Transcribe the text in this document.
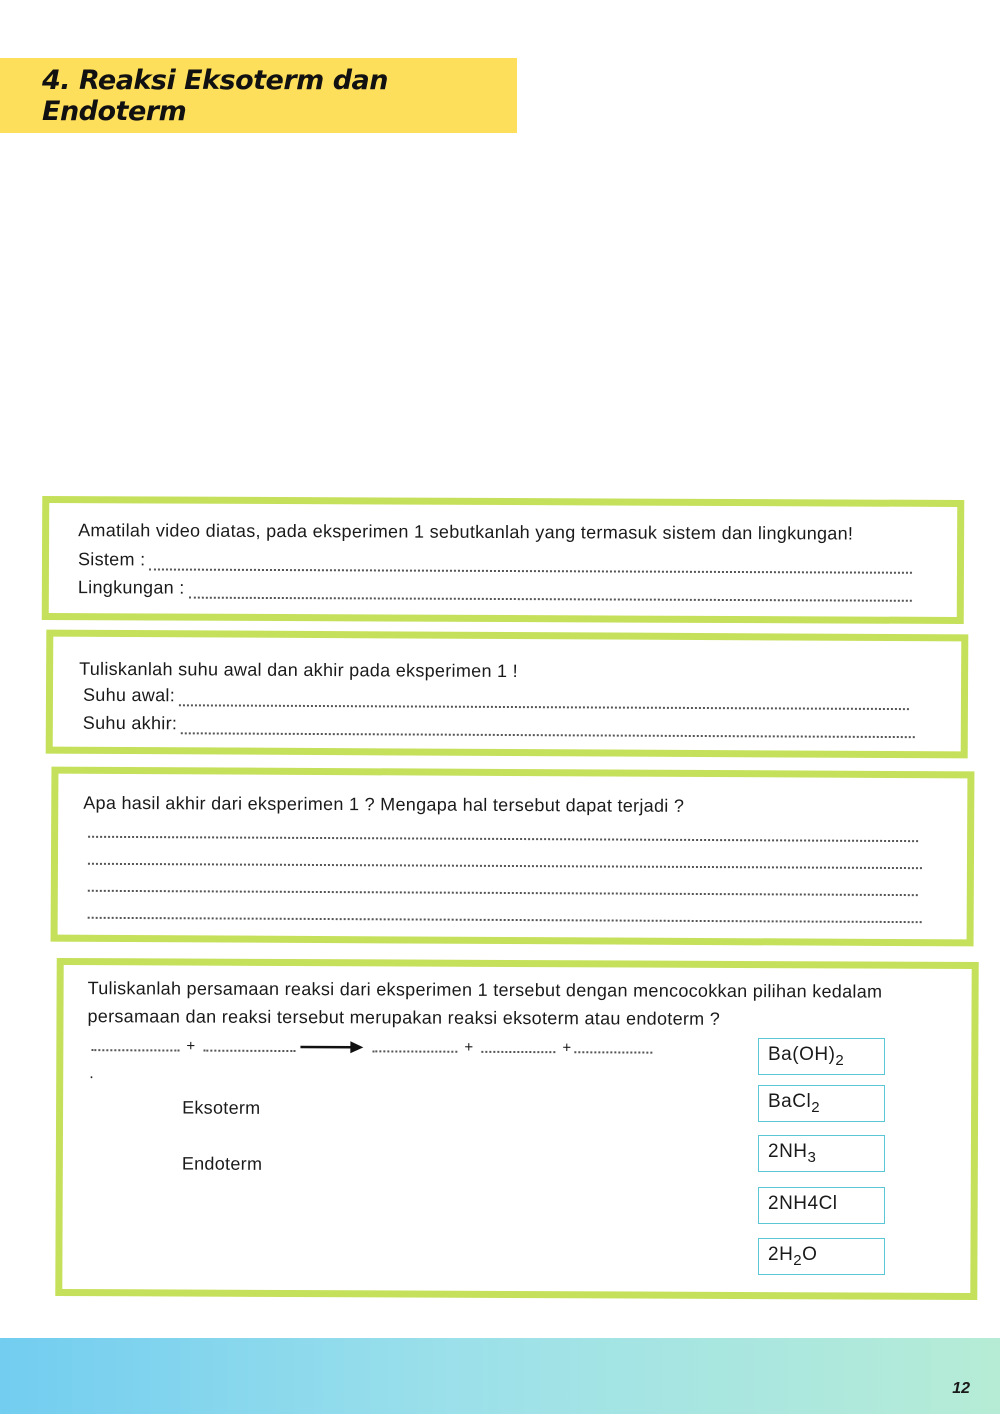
4. Reaksi Eksoterm dan Endoterm
Amatilah video diatas, pada eksperimen 1 sebutkanlah yang termasuk sistem dan lingkungan!
Sistem :
Lingkungan :
Tuliskanlah suhu awal dan akhir pada eksperimen 1 !
Suhu awal:
Suhu akhir:
Apa hasil akhir dari eksperimen 1 ? Mengapa hal tersebut dapat terjadi ?
Tuliskanlah persamaan reaksi dari eksperimen 1 tersebut dengan mencocokkan pilihan kedalam
persamaan dan reaksi tersebut merupakan reaksi eksoterm atau endoterm ?
+	+	+
.
Eksoterm
Endoterm
$Ba(OH)_2$
BaCl$_2$
$2NH_3$
2NH4Cl
$2H_2O$
12
